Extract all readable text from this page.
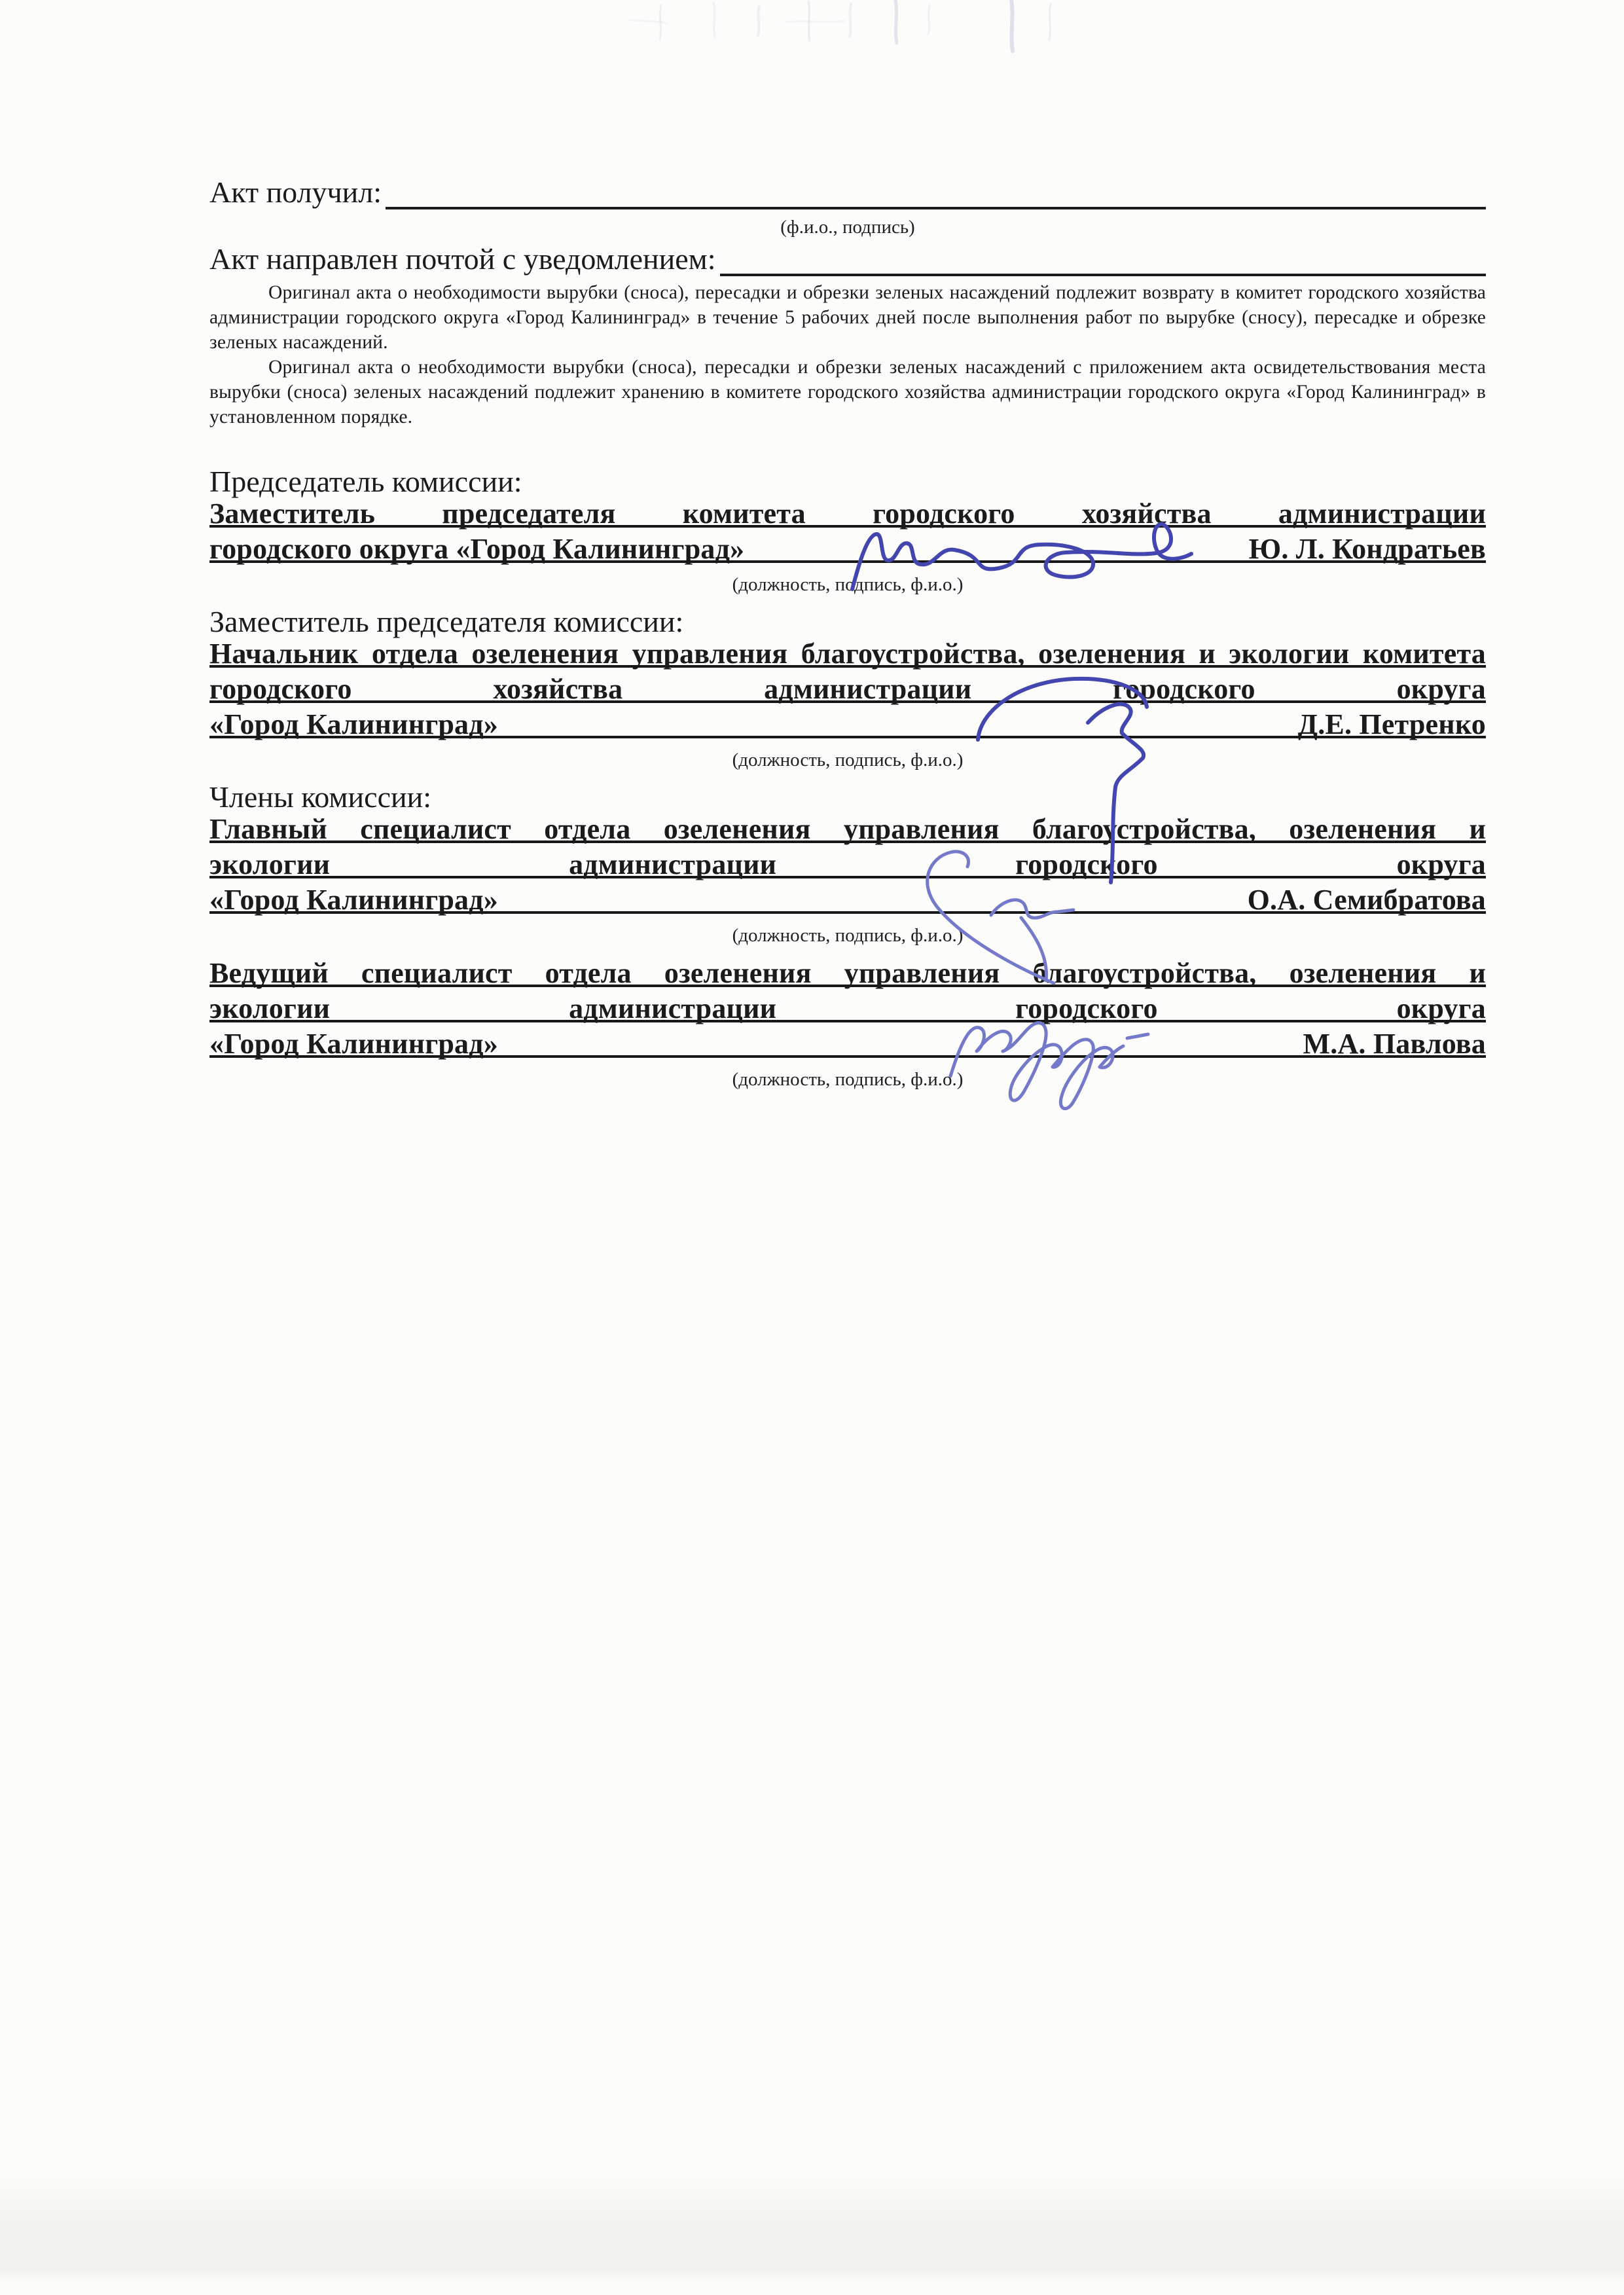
Акт получил:
(ф.и.о., подпись)
Акт направлен почтой с уведомлением:

Оригинал акта о необходимости вырубки (сноса), пересадки и обрезки зеленых насаждений подлежит возврату в комитет городского хозяйства администрации городского округа «Город Калининград» в течение 5 рабочих дней после выполнения работ по вырубке (сносу), пересадке и обрезке зеленых насаждений.

Оригинал акта о необходимости вырубки (сноса), пересадки и обрезки зеленых насаждений с приложением акта освидетельствования места вырубки (сноса) зеленых насаждений подлежит хранению в комитете городского хозяйства администрации городского округа «Город Калининград» в установленном порядке.

Председатель комиссии:
Заместитель председателя комитета городского хозяйства администрации
городского округа «Город Калининград»	Ю. Л. Кондратьев
(должность, подпись, ф.и.о.)
Заместитель председателя комиссии:
Начальник отдела озеленения управления благоустройства, озеленения и экологии комитета
городского хозяйства администрации городского округа
«Город Калининград»	Д.Е. Петренко
(должность, подпись, ф.и.о.)
Члены комиссии:
Главный специалист отдела озеленения управления благоустройства, озеленения и
экологии администрации городского округа
«Город Калининград»	О.А. Семибратова
(должность, подпись, ф.и.о.)
Ведущий специалист отдела озеленения управления благоустройства, озеленения и
экологии администрации городского округа
«Город Калининград»	М.А. Павлова
(должность, подпись, ф.и.о.)
